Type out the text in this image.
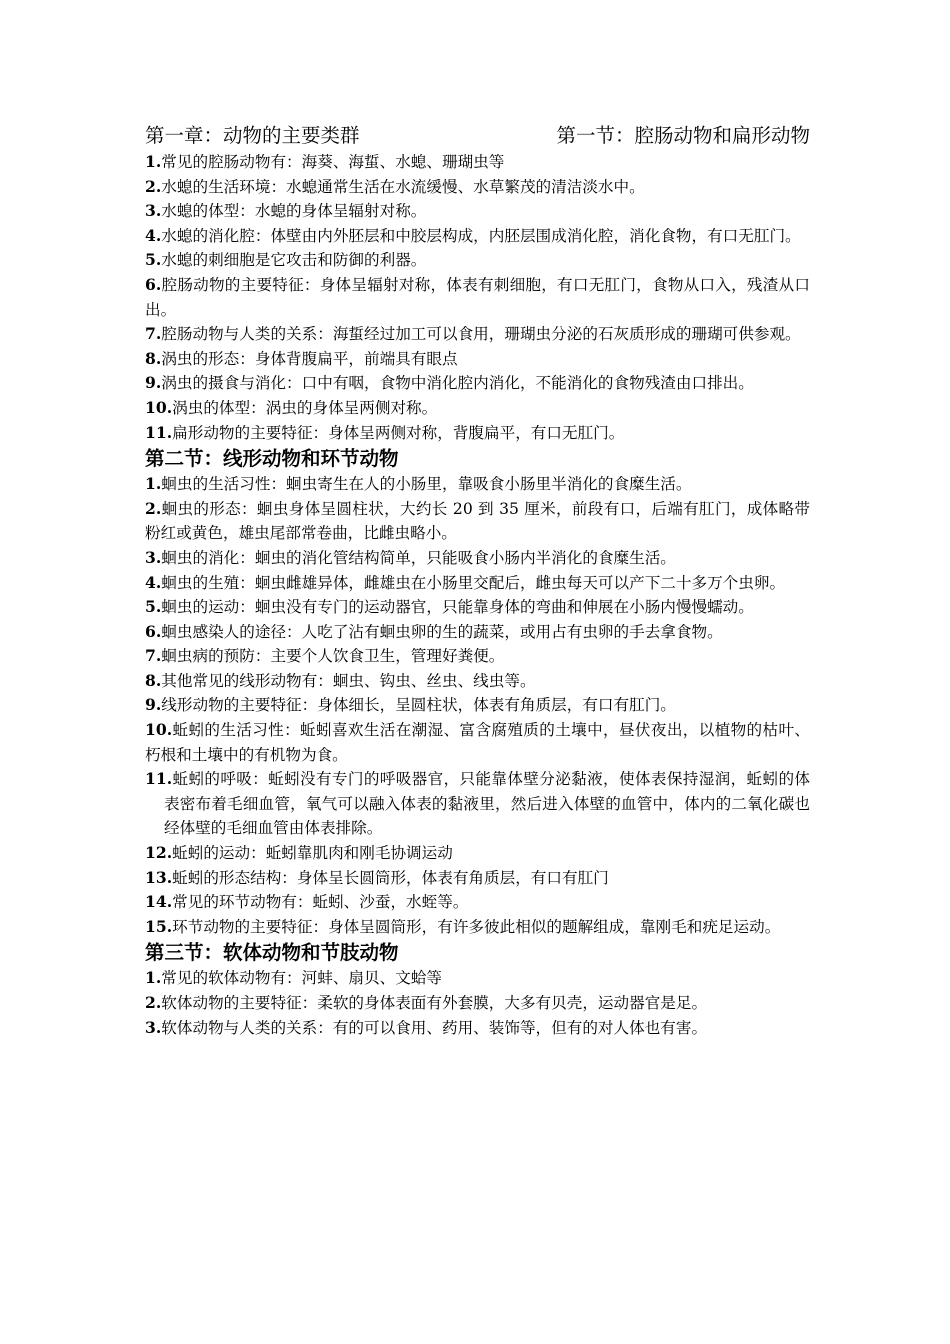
第一章：动物的主要类群	第一节：腔肠动物和扁形动物

1.常见的腔肠动物有：海葵、海蜇、水螅、珊瑚虫等

2.水螅的生活环境：水螅通常生活在水流缓慢、水草繁茂的清洁淡水中。

3.水螅的体型：水螅的身体呈辐射对称。

4.水螅的消化腔：体壁由内外胚层和中胶层构成，内胚层围成消化腔，消化食物，有口无肛门。

5.水螅的刺细胞是它攻击和防御的利器。

6.腔肠动物的主要特征：身体呈辐射对称，体表有刺细胞，有口无肛门，食物从口入，残渣从口出。

7.腔肠动物与人类的关系：海蜇经过加工可以食用，珊瑚虫分泌的石灰质形成的珊瑚可供参观。

8.涡虫的形态：身体背腹扁平，前端具有眼点

9.涡虫的摄食与消化：口中有咽，食物中消化腔内消化，不能消化的食物残渣由口排出。

10.涡虫的体型：涡虫的身体呈两侧对称。

11.扁形动物的主要特征：身体呈两侧对称，背腹扁平，有口无肛门。

第二节：线形动物和环节动物

1.蛔虫的生活习性：蛔虫寄生在人的小肠里，靠吸食小肠里半消化的食糜生活。

2.蛔虫的形态：蛔虫身体呈圆柱状，大约长 20 到 35 厘米，前段有口，后端有肛门，成体略带粉红或黄色，雄虫尾部常卷曲，比雌虫略小。

3.蛔虫的消化：蛔虫的消化管结构简单，只能吸食小肠内半消化的食糜生活。

4.蛔虫的生殖：蛔虫雌雄异体，雌雄虫在小肠里交配后，雌虫每天可以产下二十多万个虫卵。

5.蛔虫的运动：蛔虫没有专门的运动器官，只能靠身体的弯曲和伸展在小肠内慢慢蠕动。

6.蛔虫感染人的途径：人吃了沾有蛔虫卵的生的蔬菜，或用占有虫卵的手去拿食物。

7.蛔虫病的预防：主要个人饮食卫生，管理好粪便。

8.其他常见的线形动物有：蛔虫、钩虫、丝虫、线虫等。

9.线形动物的主要特征：身体细长，呈圆柱状，体表有角质层，有口有肛门。

10.蚯蚓的生活习性：蚯蚓喜欢生活在潮湿、富含腐殖质的土壤中，昼伏夜出，以植物的枯叶、朽根和土壤中的有机物为食。

11.蚯蚓的呼吸：蚯蚓没有专门的呼吸器官，只能靠体壁分泌黏液，使体表保持湿润，蚯蚓的体表密布着毛细血管，氧气可以融入体表的黏液里，然后进入体壁的血管中，体内的二氧化碳也经体壁的毛细血管由体表排除。

12.蚯蚓的运动：蚯蚓靠肌肉和刚毛协调运动

13.蚯蚓的形态结构：身体呈长圆筒形，体表有角质层，有口有肛门

14.常见的环节动物有：蚯蚓、沙蚕，水蛭等。

15.环节动物的主要特征：身体呈圆筒形，有许多彼此相似的题解组成，靠刚毛和疣足运动。

第三节：软体动物和节肢动物

1.常见的软体动物有：河蚌、扇贝、文蛤等

2.软体动物的主要特征：柔软的身体表面有外套膜，大多有贝壳，运动器官是足。

3.软体动物与人类的关系：有的可以食用、药用、装饰等，但有的对人体也有害。
